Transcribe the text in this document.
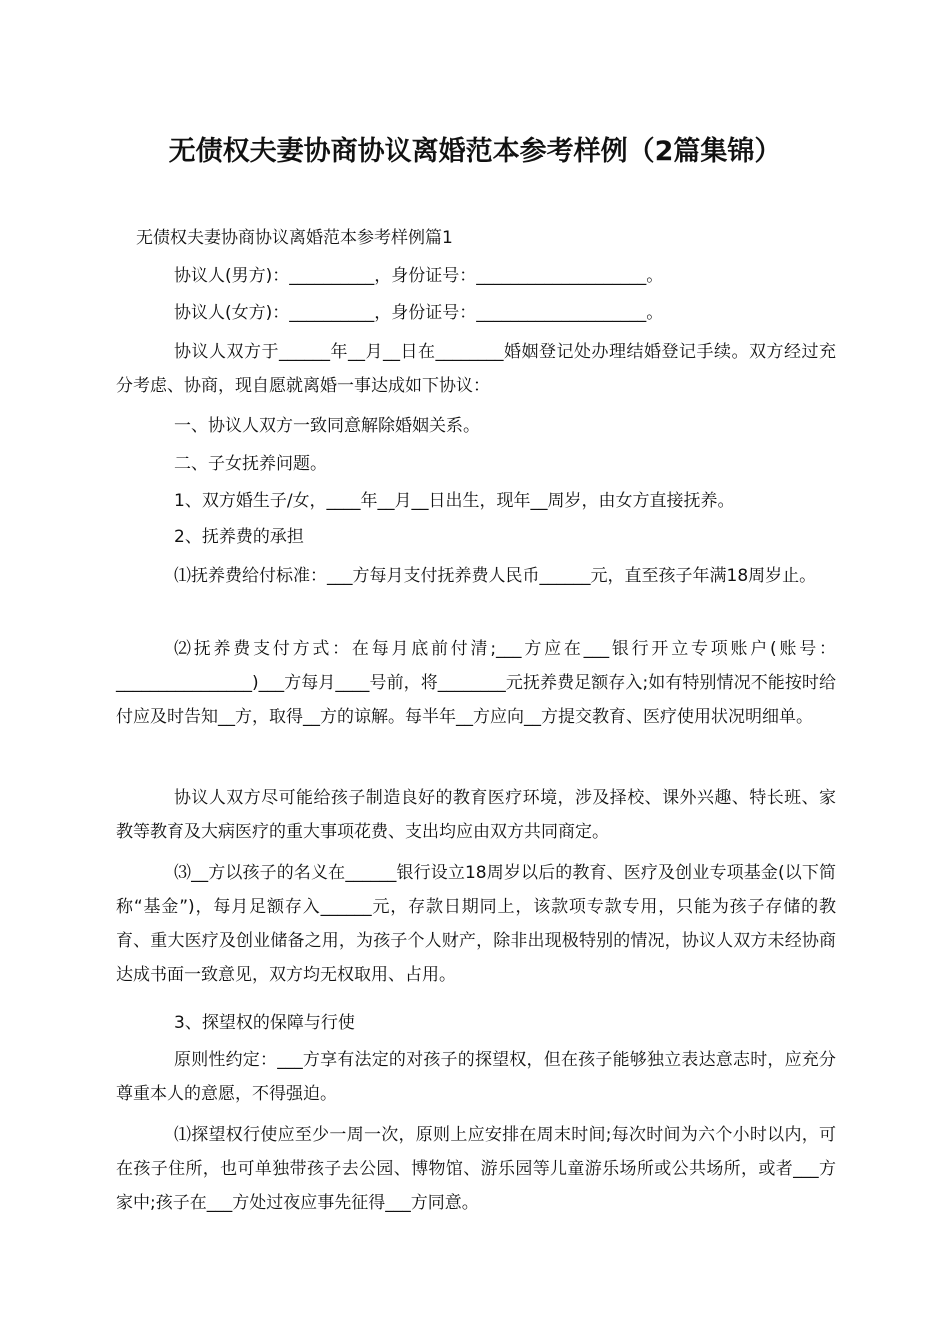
无债权夫妻协商协议离婚范本参考样例（2篇集锦）
无债权夫妻协商协议离婚范本参考样例篇1
协议人(男方)：__________，身份证号：____________________。
协议人(女方)：__________，身份证号：____________________。
协议人双方于______年__月__日在________婚姻登记处办理结婚登记手续。双方经过充分考虑、协商，现自愿就离婚一事达成如下协议：
一、协议人双方一致同意解除婚姻关系。
二、子女抚养问题。
1、双方婚生子/女，____年__月__日出生，现年__周岁，由女方直接抚养。
2、抚养费的承担
⑴抚养费给付标准：___方每月支付抚养费人民币______元，直至孩子年满18周岁止。
⑵抚养费支付方式：在每月底前付清;___方应在___银行开立专项账户(账号：________________)___方每月____号前，将________元抚养费足额存入;如有特别情况不能按时给付应及时告知__方，取得__方的谅解。每半年__方应向__方提交教育、医疗使用状况明细单。
协议人双方尽可能给孩子制造良好的教育医疗环境，涉及择校、课外兴趣、特长班、家教等教育及大病医疗的重大事项花费、支出均应由双方共同商定。
⑶__方以孩子的名义在______银行设立18周岁以后的教育、医疗及创业专项基金(以下简称“基金”)，每月足额存入______元，存款日期同上，该款项专款专用，只能为孩子存储的教育、重大医疗及创业储备之用，为孩子个人财产，除非出现极特别的情况，协议人双方未经协商达成书面一致意见，双方均无权取用、占用。
3、探望权的保障与行使
原则性约定：___方享有法定的对孩子的探望权，但在孩子能够独立表达意志时，应充分尊重本人的意愿，不得强迫。
⑴探望权行使应至少一周一次，原则上应安排在周末时间;每次时间为六个小时以内，可在孩子住所，也可单独带孩子去公园、博物馆、游乐园等儿童游乐场所或公共场所，或者___方家中;孩子在___方处过夜应事先征得___方同意。
